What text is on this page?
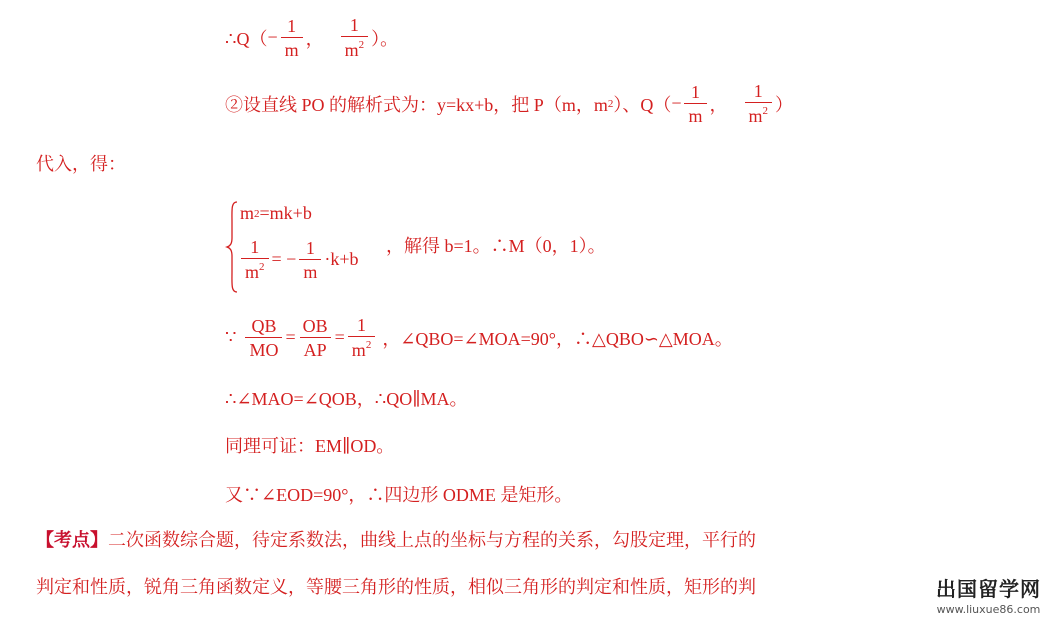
∴Q（ − $\frac{1}{m}$ ， $\frac{1}{m^2}$ ）。
②设直线 PO 的解析式为：y=kx+b，把 P（m，m 2 ）、$Q( - \frac{1}{m}$ ， $\frac{1}{m^2}$ ）
代入，得：
m 2 =mk+b
$\frac{1}{m^2}$ = − $\frac{1}{m} \cdot k+b$
，解得 b=1。∴M（0，1）。
∵ $\frac{QB}{MO} = \frac{OB}{AP} = \frac{1}{m^2}$ ，∠QBO=∠MOA=90°，∴△QBO∽△MOA。
∴∠MAO=∠QOB，∴QO∥MA。
同理可证：EM∥OD。
又∵∠EOD=90°，∴四边形 ODME 是矩形。
【考点】 二次函数综合题，待定系数法，曲线上点的坐标与方程的关系，勾股定理，平行的
判定和性质，锐角三角函数定义，等腰三角形的性质，相似三角形的判定和性质，矩形的判	出国留学网
www.liuxue86.com
